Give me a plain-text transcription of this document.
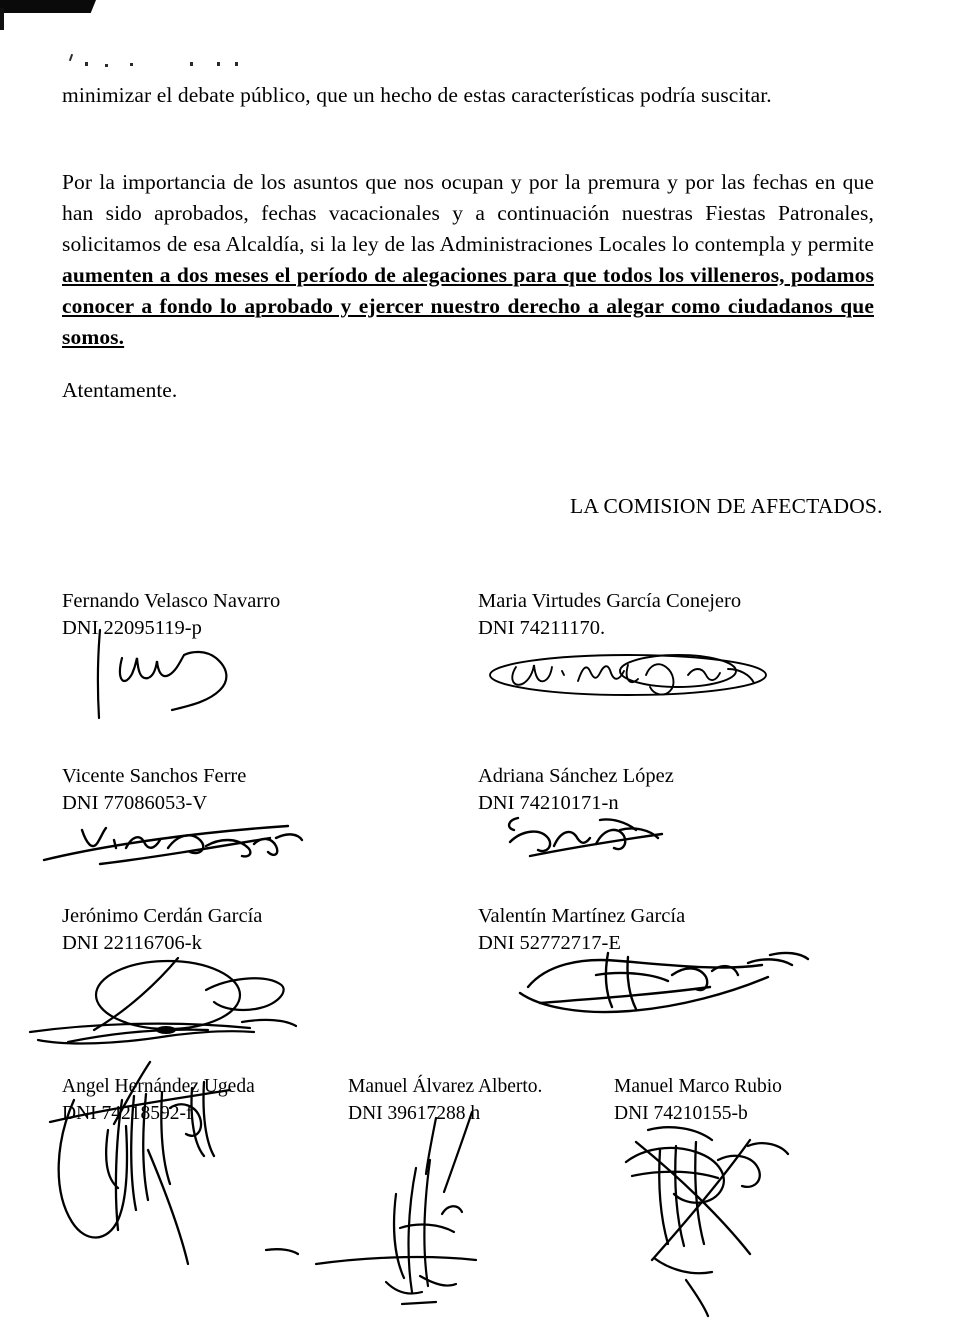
minimizar el debate público, que un hecho de estas características podría suscitar.

Por la importancia de los asuntos que nos ocupan y por la premura y por las fechas en que han sido aprobados, fechas vacacionales y a continuación nuestras Fiestas Patronales, solicitamos de esa Alcaldía, si la ley de las Administraciones Locales lo contempla y permite aumenten a dos meses el período de alegaciones para que todos los villeneros, podamos conocer a fondo lo aprobado y ejercer nuestro derecho a alegar como ciudadanos que somos.

Atentamente.
LA COMISION DE AFECTADOS.
Fernando Velasco Navarro
DNI 22095119-p
Maria Virtudes García Conejero
DNI 74211170.
Vicente Sanchos Ferre
DNI 77086053-V
Adriana Sánchez López
DNI 74210171-n
Jerónimo Cerdán García
DNI 22116706-k
Valentín Martínez García
DNI 52772717-E
Angel Hernández Ugeda
DNI 74218592-f
Manuel Álvarez Alberto.
DNI 39617288 h
Manuel Marco Rubio
DNI 74210155-b
